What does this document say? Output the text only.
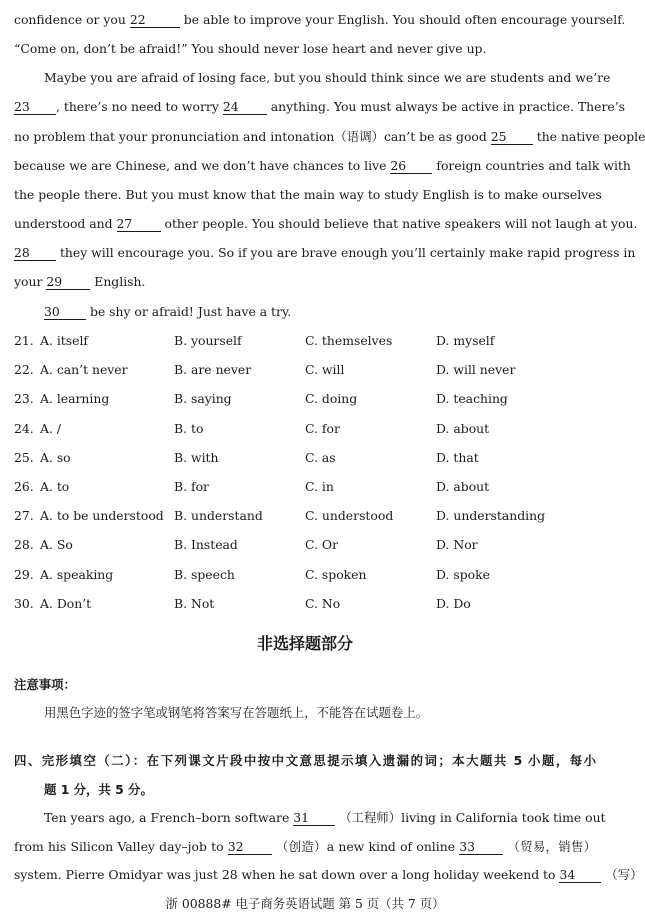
confidence or you 22	be able to improve your English. You should often encourage yourself.
“Come on, don’t be afraid!” You should never lose heart and never give up.
Maybe you are afraid of losing face, but you should think since we are students and we’re
23 , there’s no need to worry 24	anything. You must always be active in practice. There’s
no problem that your pronunciation and intonation（语调）can’t be as good 25 the native people
because we are Chinese, and we don’t have chances to live 26 foreign countries and talk with
the people there. But you must know that the main way to study English is to make ourselves
understood and 27	other people. You should believe that native speakers will not laugh at you.
28 they will encourage you. So if you are brave enough you’ll certainly make rapid progress in
your 29	English.
30 be shy or afraid! Just have a try.
21. A. itself	B. yourself	C. themselves	D. myself
22. A. can’t never	B. are never	C. will	D. will never
23. A. learning	B. saying	C. doing	D. teaching
24. A. /	B. to	C. for	D. about
25. A. so	B. with	C. as	D. that
26. A. to	B. for	C. in	D. about
27. A. to be understood B. understand	C. understood	D. understanding
28. A. So	B. Instead	C. Or	D. Nor
29. A. speaking	B. speech	C. spoken	D. spoke
30. A. Don’t	B. Not	C. No	D. Do
非选择题部分
注意事项：
用黑色字迹的签字笔或钢笔将答案写在答题纸上，不能答在试题卷上。
四、完形填空（二）：在下列课文片段中按中文意思提示填入遗漏的词；本大题共 5 小题，每小
题 1 分，共 5 分。
Ten years ago, a French–born software 31 （工程师）living in California took time out
from his Silicon Valley day–job to 32	（创造）a new kind of online 33	（贸易，销售）
system. Pierre Omidyar was just 28 when he sat down over a long holiday weekend to 34 （写）
浙 00888# 电子商务英语试题 第 5 页（共 7 页）
